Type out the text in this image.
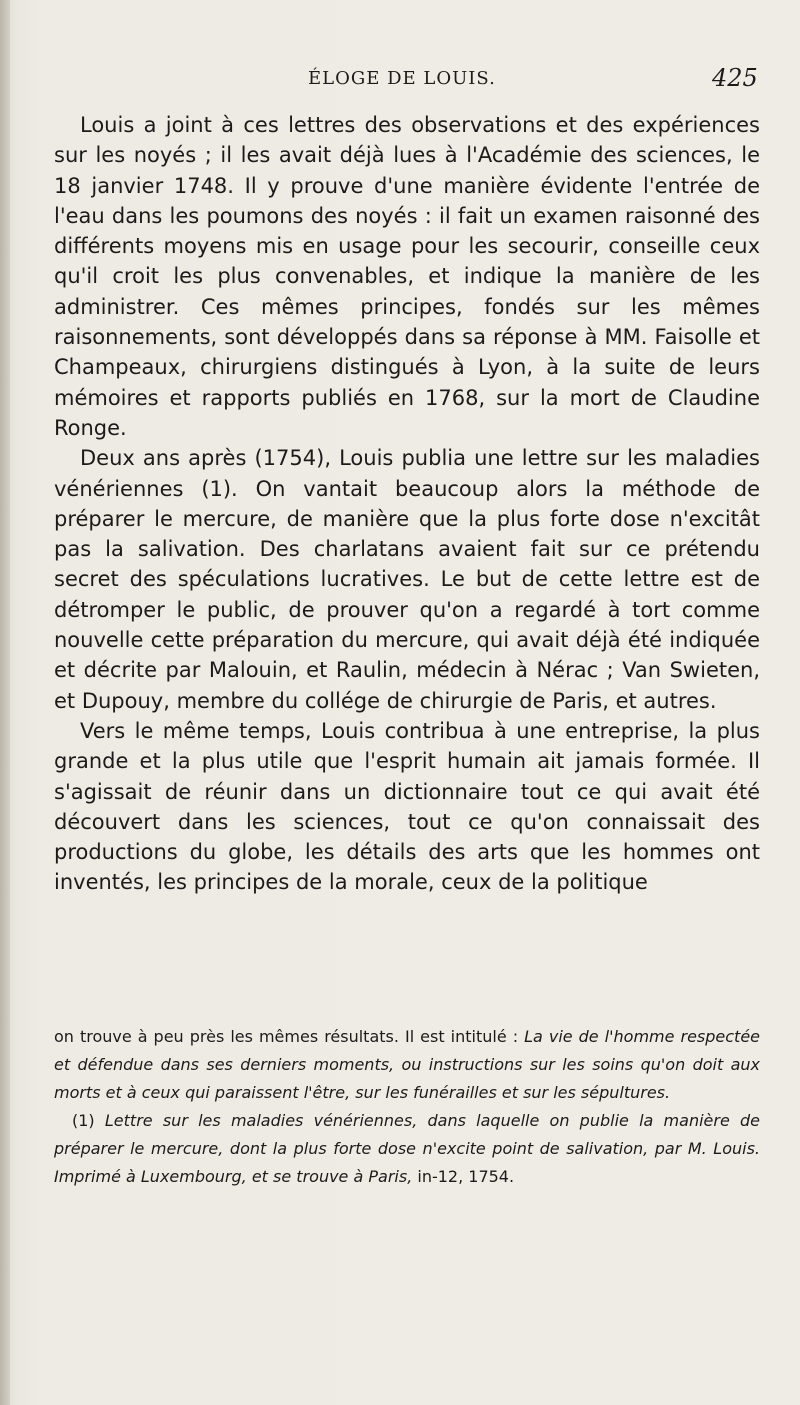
ÉLOGE DE LOUIS.	425

Louis a joint à ces lettres des observations et des expériences sur les noyés ; il les avait déjà lues à l'Académie des sciences, le 18 janvier 1748. Il y prouve d'une manière évidente l'entrée de l'eau dans les poumons des noyés : il fait un examen raisonné des différents moyens mis en usage pour les secourir, conseille ceux qu'il croit les plus convenables, et indique la manière de les administrer. Ces mêmes principes, fondés sur les mêmes raisonnements, sont développés dans sa réponse à MM. Faisolle et Champeaux, chirurgiens distingués à Lyon, à la suite de leurs mémoires et rapports publiés en 1768, sur la mort de Claudine Ronge.

Deux ans après (1754), Louis publia une lettre sur les maladies vénériennes (1). On vantait beaucoup alors la méthode de préparer le mercure, de manière que la plus forte dose n'excitât pas la salivation. Des charlatans avaient fait sur ce prétendu secret des spéculations lucratives. Le but de cette lettre est de détromper le public, de prouver qu'on a regardé à tort comme nouvelle cette préparation du mercure, qui avait déjà été indiquée et décrite par Malouin, et Raulin, médecin à Nérac ; Van Swieten, et Dupouy, membre du collége de chirurgie de Paris, et autres.

Vers le même temps, Louis contribua à une entreprise, la plus grande et la plus utile que l'esprit humain ait jamais formée. Il s'agissait de réunir dans un dictionnaire tout ce qui avait été découvert dans les sciences, tout ce qu'on connaissait des productions du globe, les détails des arts que les hommes ont inventés, les principes de la morale, ceux de la politique

on trouve à peu près les mêmes résultats. Il est intitulé : La vie de l'homme respectée et défendue dans ses derniers moments, ou instructions sur les soins qu'on doit aux morts et à ceux qui paraissent l'être, sur les funérailles et sur les sépultures.

(1) Lettre sur les maladies vénériennes, dans laquelle on publie la manière de préparer le mercure, dont la plus forte dose n'excite point de salivation, par M. Louis. Imprimé à Luxembourg, et se trouve à Paris, in-12, 1754.
